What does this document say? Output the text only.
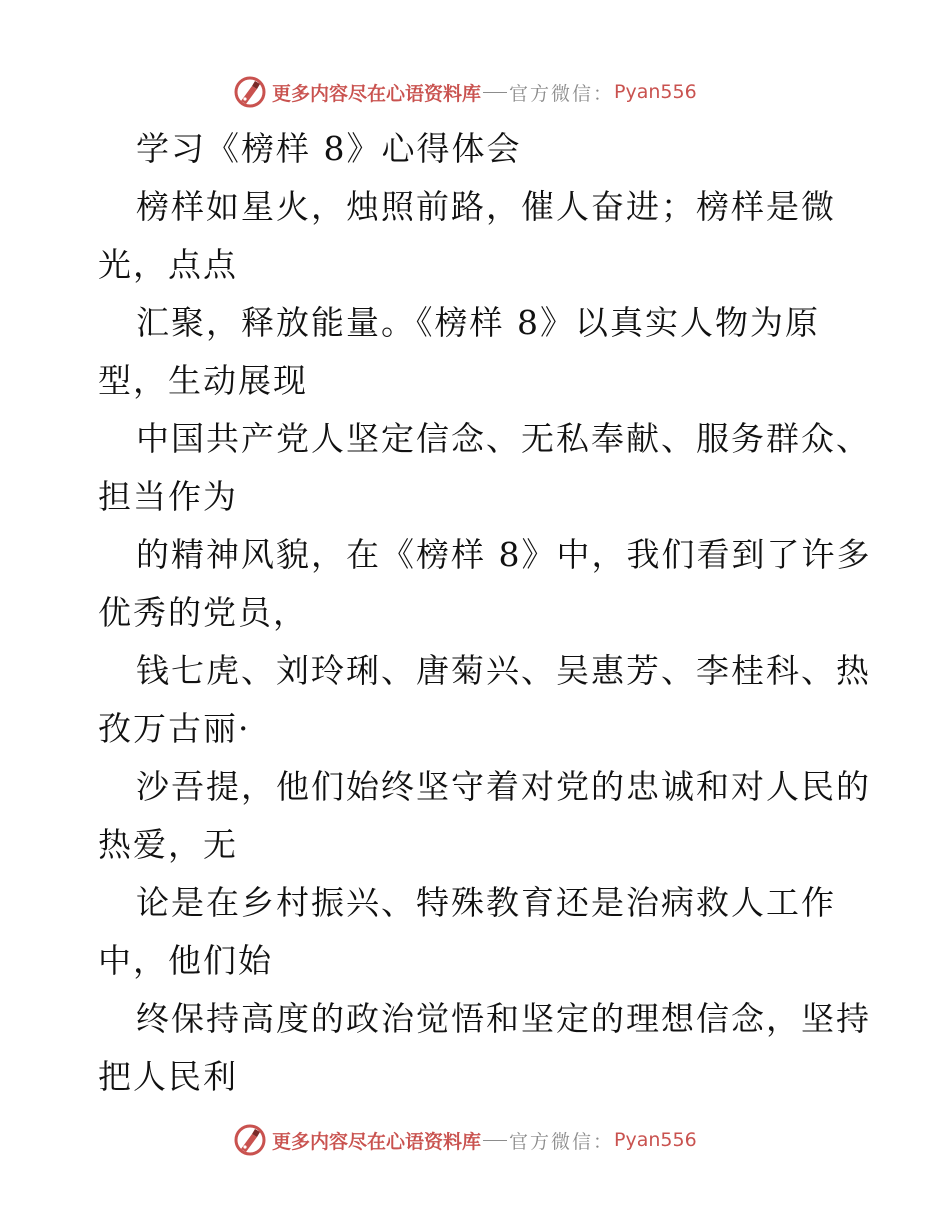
更多内容尽在心语资料库 官方微信： Pyan556
学习《榜样 8》心得体会
榜样如星火，烛照前路，催人奋进；榜样是微
光，点点
汇聚，释放能量。《榜样 8》以真实人物为原
型，生动展现
中国共产党人坚定信念、无私奉献、服务群众、
担当作为
的精神风貌，在《榜样 8》中，我们看到了许多
优秀的党员，
钱七虎、刘玲琍、唐菊兴、吴惠芳、李桂科、热
孜万古丽·
沙吾提，他们始终坚守着对党的忠诚和对人民的
热爱，无
论是在乡村振兴、特殊教育还是治病救人工作
中，他们始
终保持高度的政治觉悟和坚定的理想信念，坚持
把人民利
更多内容尽在心语资料库 官方微信： Pyan556
